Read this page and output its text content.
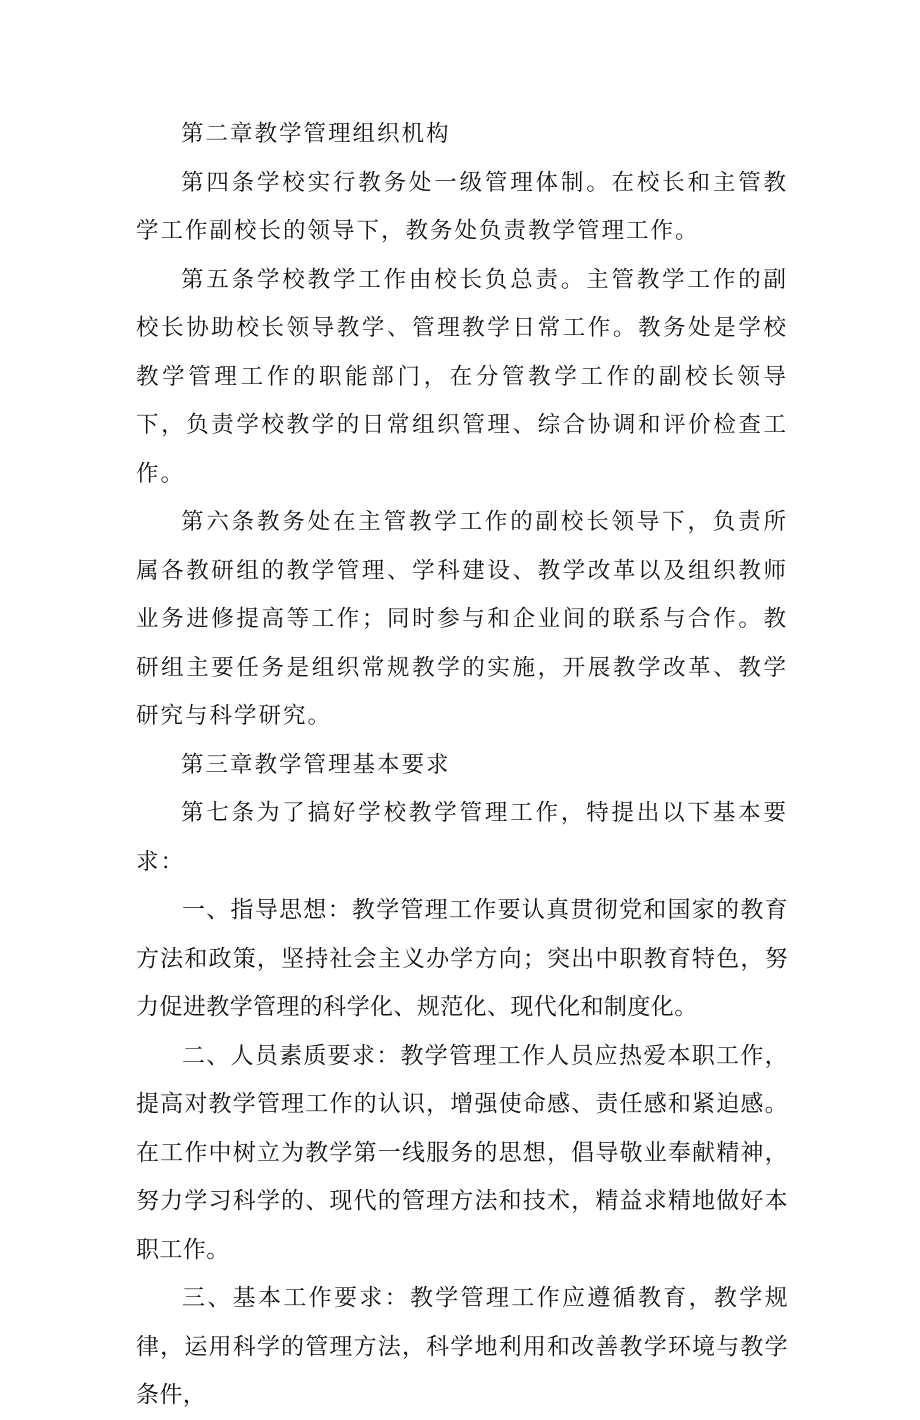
第二章教学管理组织机构

第四条学校实行教务处一级管理体制。在校长和主管教学工作副校长的领导下，教务处负责教学管理工作。

第五条学校教学工作由校长负总责。主管教学工作的副校长协助校长领导教学、管理教学日常工作。教务处是学校教学管理工作的职能部门，在分管教学工作的副校长领导下，负责学校教学的日常组织管理、综合协调和评价检查工作。

第六条教务处在主管教学工作的副校长领导下，负责所属各教研组的教学管理、学科建设、教学改革以及组织教师业务进修提高等工作；同时参与和企业间的联系与合作。教研组主要任务是组织常规教学的实施，开展教学改革、教学研究与科学研究。

第三章教学管理基本要求

第七条为了搞好学校教学管理工作，特提出以下基本要求：

一、指导思想：教学管理工作要认真贯彻党和国家的教育方法和政策，坚持社会主义办学方向；突出中职教育特色，努力促进教学管理的科学化、规范化、现代化和制度化。

二、人员素质要求：教学管理工作人员应热爱本职工作，提高对教学管理工作的认识，增强使命感、责任感和紧迫感。在工作中树立为教学第一线服务的思想，倡导敬业奉献精神，努力学习科学的、现代的管理方法和技术，精益求精地做好本职工作。

三、基本工作要求：教学管理工作应遵循教育，教学规律，运用科学的管理方法，科学地利用和改善教学环境与教学条件，
